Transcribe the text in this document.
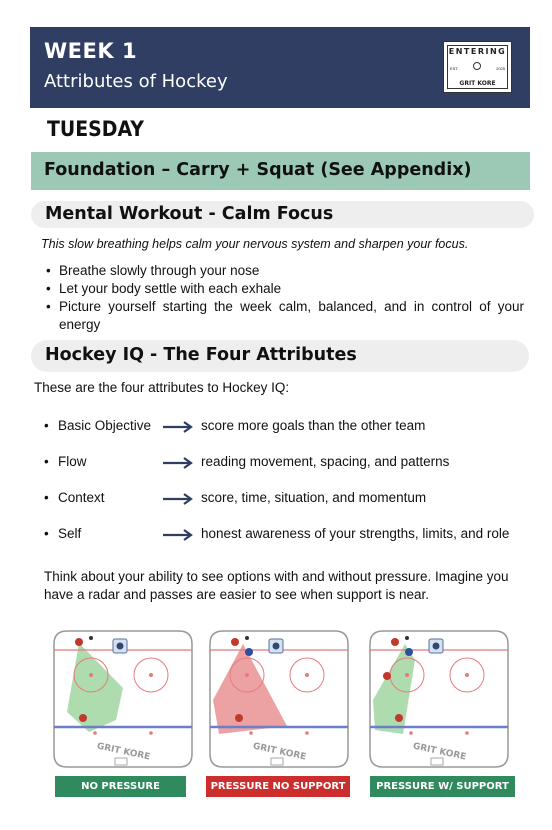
WEEK 1
Attributes of Hockey
ENTERING
EST.	2025
GRIT KORE
TUESDAY
Foundation – Carry + Squat (See Appendix)
Mental Workout - Calm Focus
This slow breathing helps calm your nervous system and sharpen your focus.
• Breathe slowly through your nose
• Let your body settle with each exhale
• Picture yourself starting the week calm, balanced, and in control of your energy
Hockey IQ - The Four Attributes
These are the four attributes to Hockey IQ:
• Basic Objective	score more goals than the other team
• Flow	reading movement, spacing, and patterns
• Context	score, time, situation, and momentum
• Self	honest awareness of your strengths, limits, and role
Think about your ability to see options with and without pressure. Imagine you have a radar and passes are easier to see when support is near.
GRIT KORE
NO PRESSURE
GRIT KORE
PRESSURE NO SUPPORT
GRIT KORE
PRESSURE W/ SUPPORT
